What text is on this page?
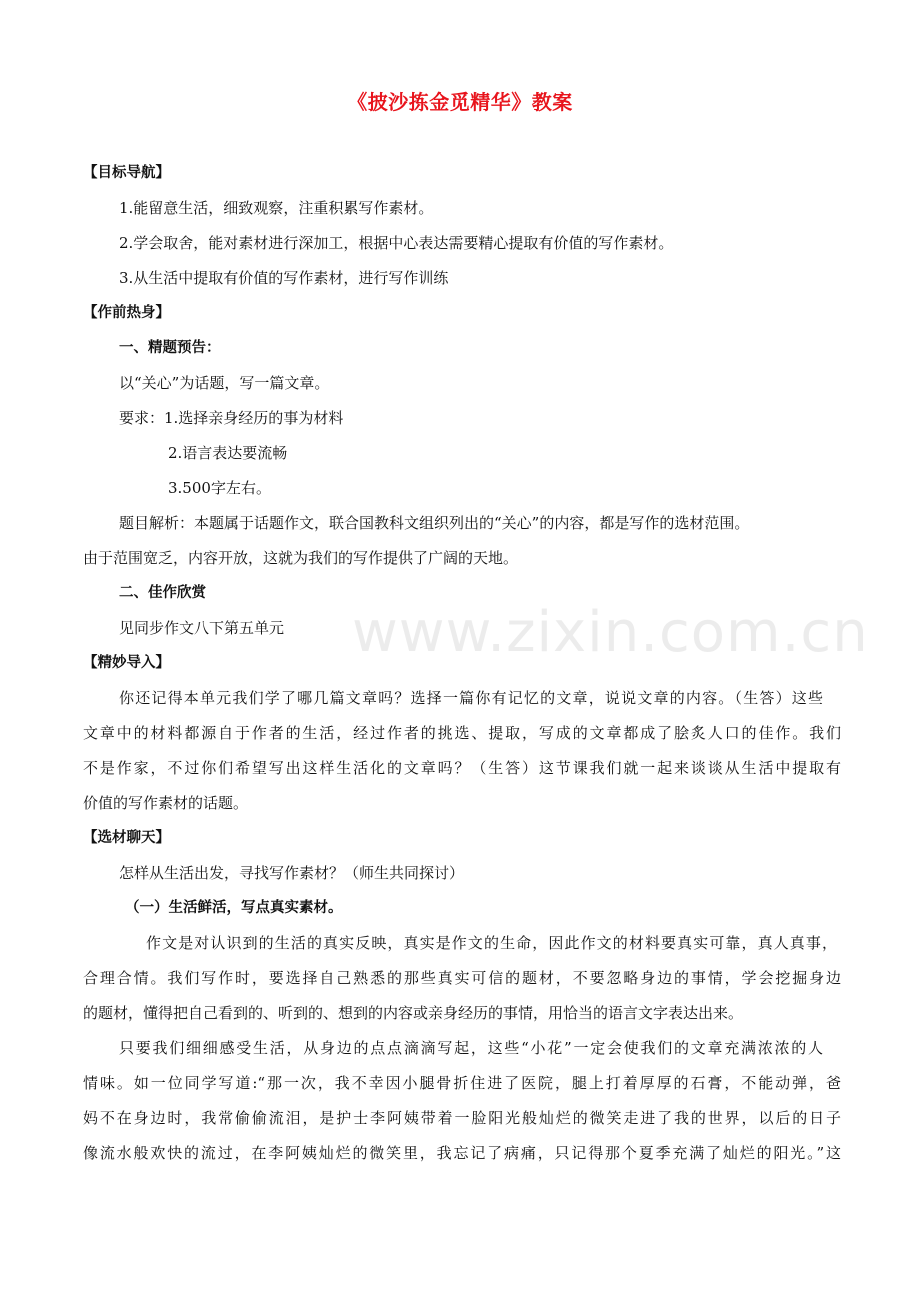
《披沙拣金觅精华》教案
【目标导航】
1.能留意生活，细致观察，注重积累写作素材。
2.学会取舍，能对素材进行深加工，根据中心表达需要精心提取有价值的写作素材。
3.从生活中提取有价值的写作素材，进行写作训练
【作前热身】
一、精题预告：
以“关心”为话题，写一篇文章。
要求：1.选择亲身经历的事为材料
2.语言表达要流畅
3.500字左右。
题目解析：本题属于话题作文，联合国教科文组织列出的“关心”的内容，都是写作的选材范围。
由于范围宽乏，内容开放，这就为我们的写作提供了广阔的天地。
二、佳作欣赏
见同步作文八下第五单元 www.zixin.com.cn
【精妙导入】
你还记得本单元我们学了哪几篇文章吗？选择一篇你有记忆的文章，说说文章的内容。（生答）这些
文章中的材料都源自于作者的生活，经过作者的挑选、提取，写成的文章都成了脍炙人口的佳作。我们
不是作家，不过你们希望写出这样生活化的文章吗？（生答）这节课我们就一起来谈谈从生活中提取有
价值的写作素材的话题。
【选材聊天】
怎样从生活出发，寻找写作素材？（师生共同探讨）
（一）生活鲜活，写点真实素材。
作文是对认识到的生活的真实反映，真实是作文的生命，因此作文的材料要真实可靠，真人真事，
合理合情。我们写作时，要选择自己熟悉的那些真实可信的题材，不要忽略身边的事情，学会挖掘身边
的题材，懂得把自己看到的、听到的、想到的内容或亲身经历的事情，用恰当的语言文字表达出来。
只要我们细细感受生活，从身边的点点滴滴写起，这些“小花”一定会使我们的文章充满浓浓的人
情味。如一位同学写道:“那一次，我不幸因小腿骨折住进了医院，腿上打着厚厚的石膏，不能动弹，爸
妈不在身边时，我常偷偷流泪，是护士李阿姨带着一脸阳光般灿烂的微笑走进了我的世界，以后的日子
像流水般欢快的流过，在李阿姨灿烂的微笑里，我忘记了病痛，只记得那个夏季充满了灿烂的阳光。”这
